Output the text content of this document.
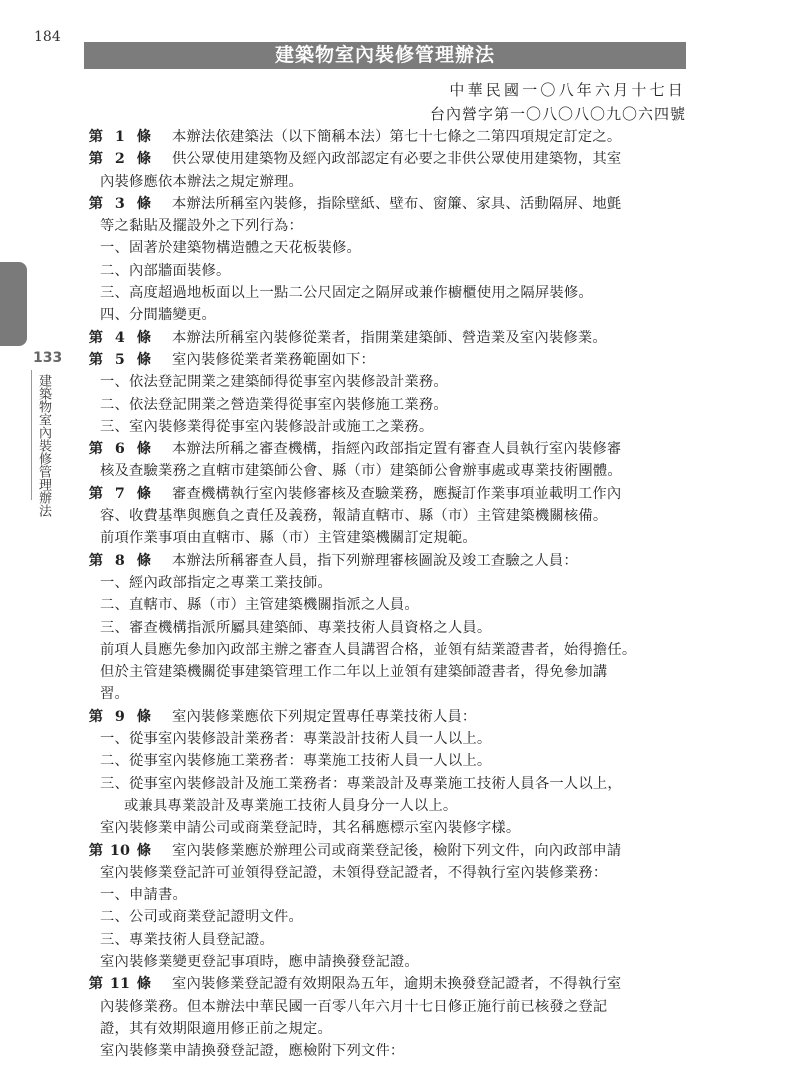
184
建築物室內裝修管理辦法
中華民國一〇八年六月十七日
台內營字第一〇八〇八〇九〇六四號
133
建築物室內裝修管理辦法
第 1 條 本辦法依建築法（以下簡稱本法）第七十七條之二第四項規定訂定之。
第 2 條 供公眾使用建築物及經內政部認定有必要之非供公眾使用建築物，其室
內裝修應依本辦法之規定辦理。
第 3 條 本辦法所稱室內裝修，指除壁紙、壁布、窗簾、家具、活動隔屏、地氈
等之黏貼及擺設外之下列行為：
一、固著於建築物構造體之天花板裝修。
二、內部牆面裝修。
三、高度超過地板面以上一點二公尺固定之隔屏或兼作櫥櫃使用之隔屏裝修。
四、分間牆變更。
第 4 條 本辦法所稱室內裝修從業者，指開業建築師、營造業及室內裝修業。
第 5 條 室內裝修從業者業務範圍如下：
一、依法登記開業之建築師得從事室內裝修設計業務。
二、依法登記開業之營造業得從事室內裝修施工業務。
三、室內裝修業得從事室內裝修設計或施工之業務。
第 6 條 本辦法所稱之審查機構，指經內政部指定置有審查人員執行室內裝修審
核及查驗業務之直轄市建築師公會、縣（市）建築師公會辦事處或專業技術團體。
第 7 條 審查機構執行室內裝修審核及查驗業務，應擬訂作業事項並載明工作內
容、收費基準與應負之責任及義務，報請直轄市、縣（市）主管建築機關核備。
前項作業事項由直轄市、縣（市）主管建築機關訂定規範。
第 8 條 本辦法所稱審查人員，指下列辦理審核圖說及竣工查驗之人員：
一、經內政部指定之專業工業技師。
二、直轄市、縣（市）主管建築機關指派之人員。
三、審查機構指派所屬具建築師、專業技術人員資格之人員。
前項人員應先參加內政部主辦之審查人員講習合格，並領有結業證書者，始得擔任。
但於主管建築機關從事建築管理工作二年以上並領有建築師證書者，得免參加講
習。
第 9 條 室內裝修業應依下列規定置專任專業技術人員：
一、從事室內裝修設計業務者：專業設計技術人員一人以上。
二、從事室內裝修施工業務者：專業施工技術人員一人以上。
三、從事室內裝修設計及施工業務者：專業設計及專業施工技術人員各一人以上，
或兼具專業設計及專業施工技術人員身分一人以上。
室內裝修業申請公司或商業登記時，其名稱應標示室內裝修字樣。
第 10 條 室內裝修業應於辦理公司或商業登記後，檢附下列文件，向內政部申請
室內裝修業登記許可並領得登記證，未領得登記證者，不得執行室內裝修業務：
一、申請書。
二、公司或商業登記證明文件。
三、專業技術人員登記證。
室內裝修業變更登記事項時，應申請換發登記證。
第 11 條 室內裝修業登記證有效期限為五年，逾期未換發登記證者，不得執行室
內裝修業務。但本辦法中華民國一百零八年六月十七日修正施行前已核發之登記
證，其有效期限適用修正前之規定。
室內裝修業申請換發登記證，應檢附下列文件：
